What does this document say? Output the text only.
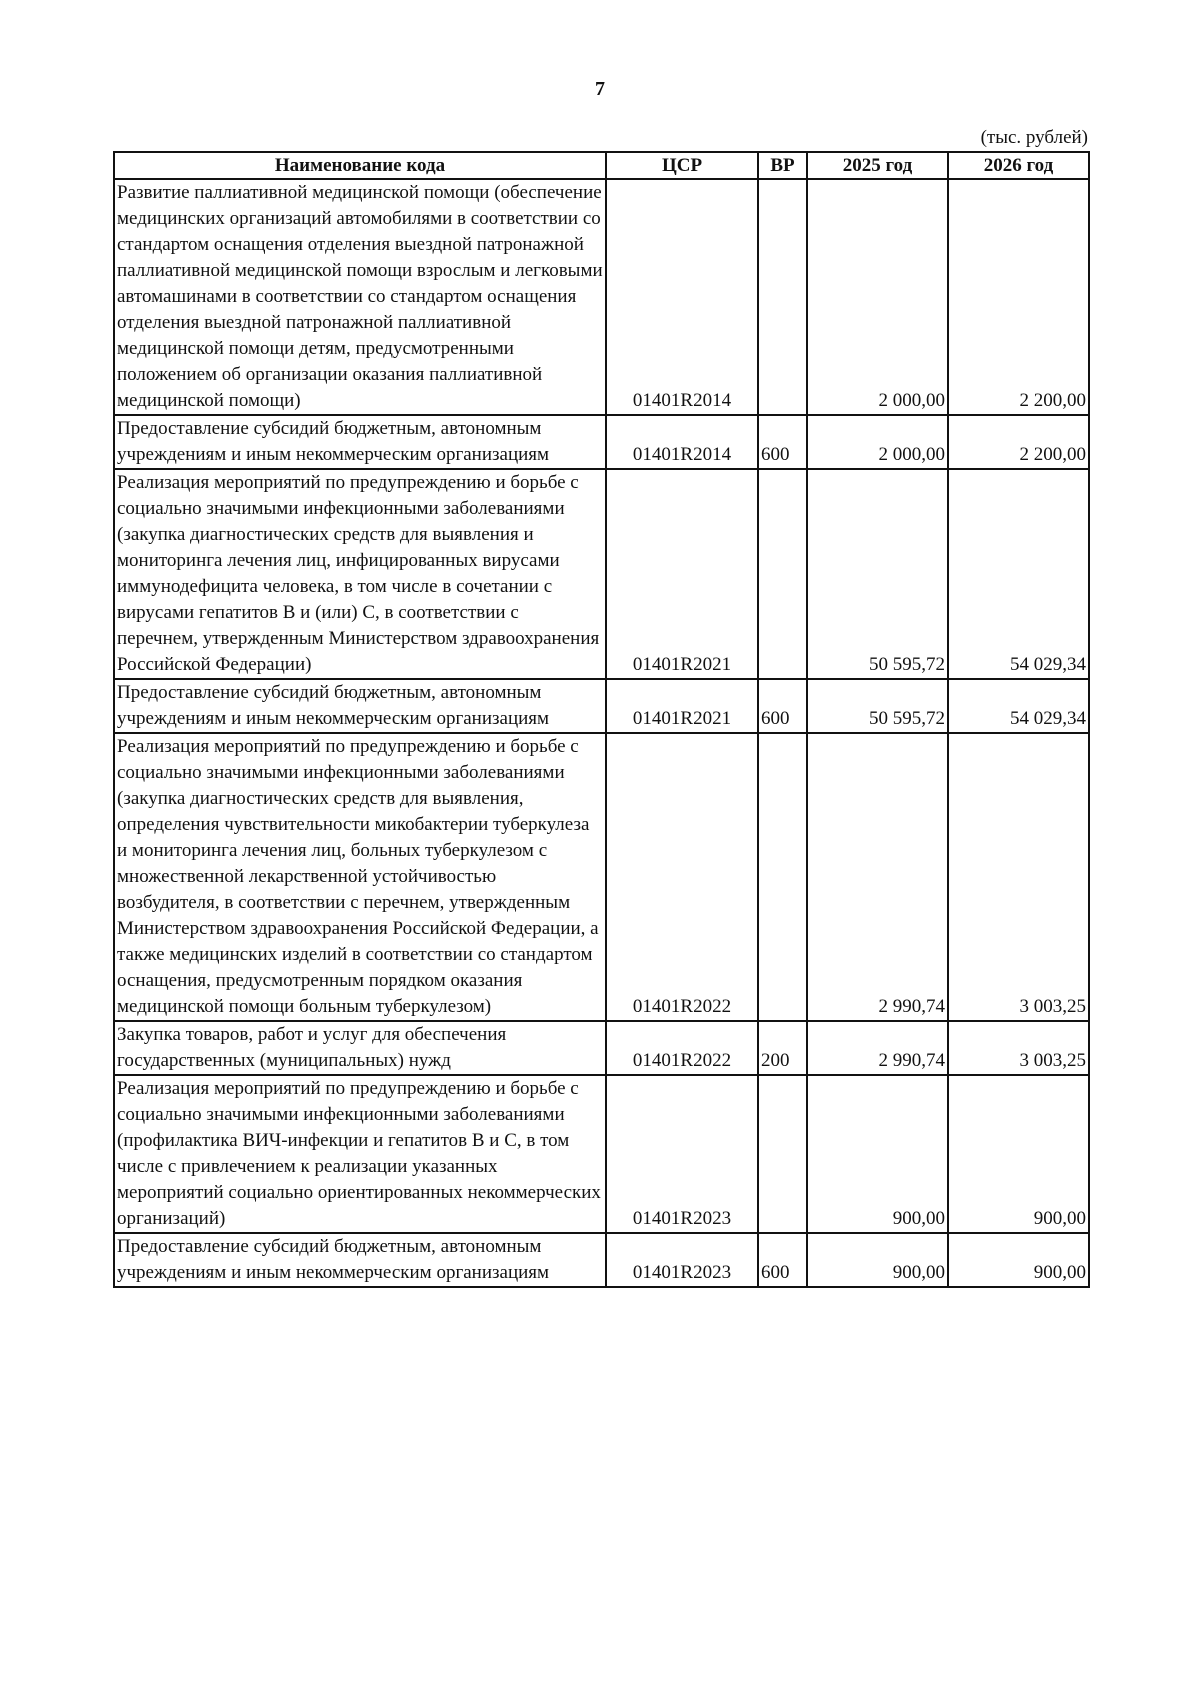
7
(тыс. рублей)
Наименование кода	ЦСР	ВР	2025 год	2026 год
Развитие паллиативной медицинской помощи (обеспечение медицинских организаций автомобилями в соответствии со стандартом оснащения отделения выездной патронажной паллиативной медицинской помощи взрослым и легковыми автомашинами в соответствии со стандартом оснащения отделения выездной патронажной паллиативной медицинской помощи детям, предусмотренными положением об организации оказания паллиативной медицинской помощи)	01401R2014		2 000,00	2 200,00
Предоставление субсидий бюджетным, автономным учреждениям и иным некоммерческим организациям	01401R2014	600	2 000,00	2 200,00
Реализация мероприятий по предупреждению и борьбе с социально значимыми инфекционными заболеваниями (закупка диагностических средств для выявления и мониторинга лечения лиц, инфицированных вирусами иммунодефицита человека, в том числе в сочетании с вирусами гепатитов B и (или) C, в соответствии с перечнем, утвержденным Министерством здравоохранения Российской Федерации)	01401R2021		50 595,72	54 029,34
Предоставление субсидий бюджетным, автономным учреждениям и иным некоммерческим организациям	01401R2021	600	50 595,72	54 029,34
Реализация мероприятий по предупреждению и борьбе с социально значимыми инфекционными заболеваниями (закупка диагностических средств для выявления, определения чувствительности микобактерии туберкулеза и мониторинга лечения лиц, больных туберкулезом с множественной лекарственной устойчивостью возбудителя, в соответствии с перечнем, утвержденным Министерством здравоохранения Российской Федерации, а также медицинских изделий в соответствии со стандартом оснащения, предусмотренным порядком оказания медицинской помощи больным туберкулезом)	01401R2022		2 990,74	3 003,25
Закупка товаров, работ и услуг для обеспечения государственных (муниципальных) нужд	01401R2022	200	2 990,74	3 003,25
Реализация мероприятий по предупреждению и борьбе с социально значимыми инфекционными заболеваниями (профилактика ВИЧ-инфекции и гепатитов B и C, в том числе с привлечением к реализации указанных мероприятий социально ориентированных некоммерческих организаций)	01401R2023		900,00	900,00
Предоставление субсидий бюджетным, автономным учреждениям и иным некоммерческим организациям	01401R2023	600	900,00	900,00
